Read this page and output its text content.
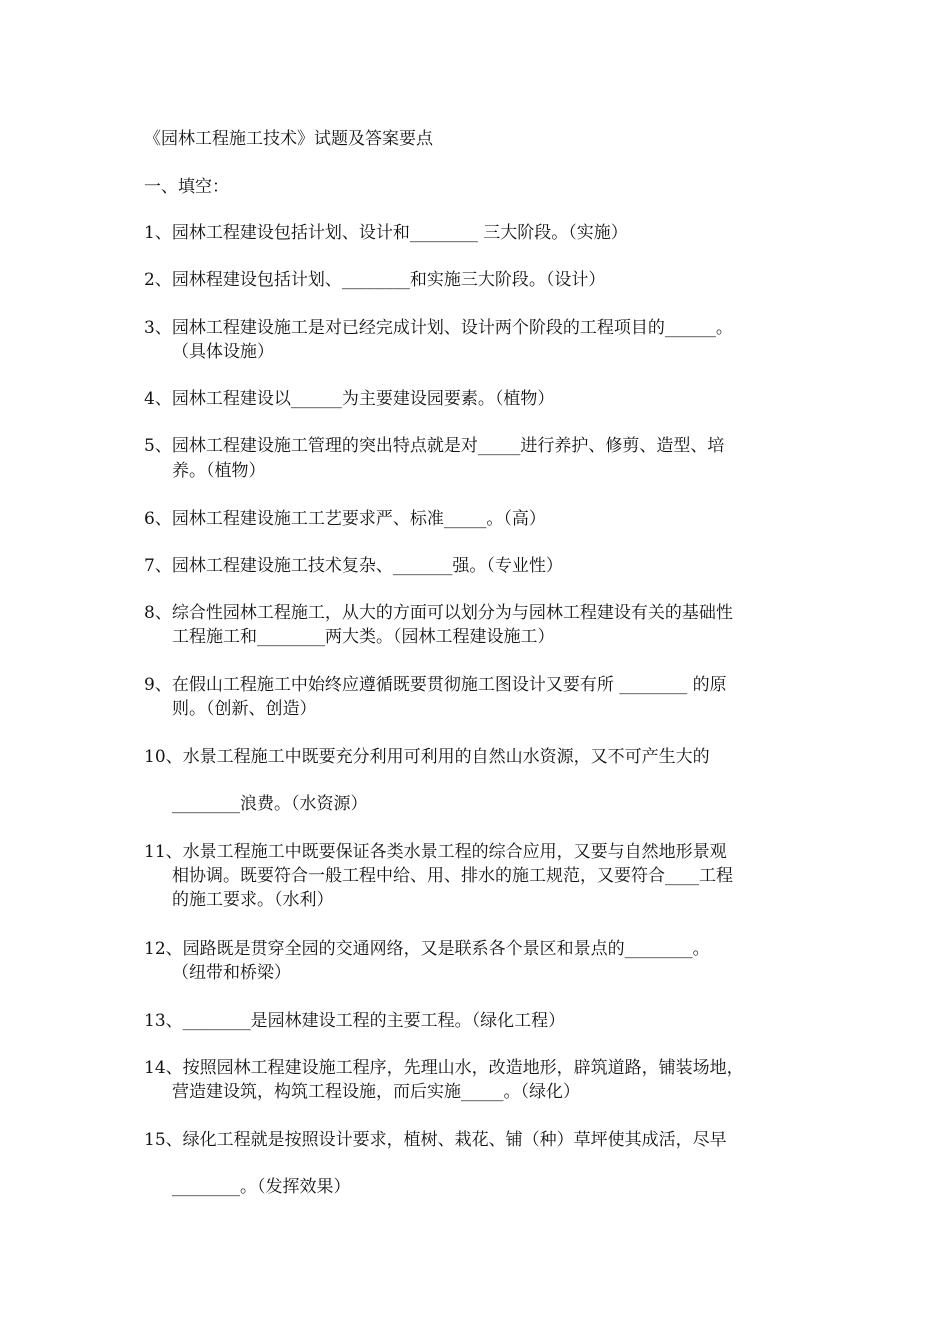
《园林工程施工技术》试题及答案要点

一、填空：

1、园林工程建设包括计划、设计和________ 三大阶段。（实施）

2、园林程建设包括计划、________和实施三大阶段。（设计）

3、园林工程建设施工是对已经完成计划、设计两个阶段的工程项目的______。

（具体设施）

4、园林工程建设以______为主要建设园要素。（植物）

5、园林工程建设施工管理的突出特点就是对_____进行养护、修剪、造型、培

养。（植物）

6、园林工程建设施工工艺要求严、标准_____。（高）

7、园林工程建设施工技术复杂、_______强。（专业性）

8、综合性园林工程施工，从大的方面可以划分为与园林工程建设有关的基础性

工程施工和________两大类。（园林工程建设施工）

9、在假山工程施工中始终应遵循既要贯彻施工图设计又要有所 ________ 的原

则。（创新、创造）

10、水景工程施工中既要充分利用可利用的自然山水资源，又不可产生大的

________浪费。（水资源）

11、水景工程施工中既要保证各类水景工程的综合应用，又要与自然地形景观

相协调。既要符合一般工程中给、用、排水的施工规范，又要符合____工程

的施工要求。（水利）

12、园路既是贯穿全园的交通网络，又是联系各个景区和景点的________。

（纽带和桥梁）

13、________是园林建设工程的主要工程。（绿化工程）

14、按照园林工程建设施工程序，先理山水，改造地形，辟筑道路，铺装场地，

营造建设筑，构筑工程设施，而后实施_____。（绿化）

15、绿化工程就是按照设计要求，植树、栽花、铺（种）草坪使其成活，尽早

________。（发挥效果）
